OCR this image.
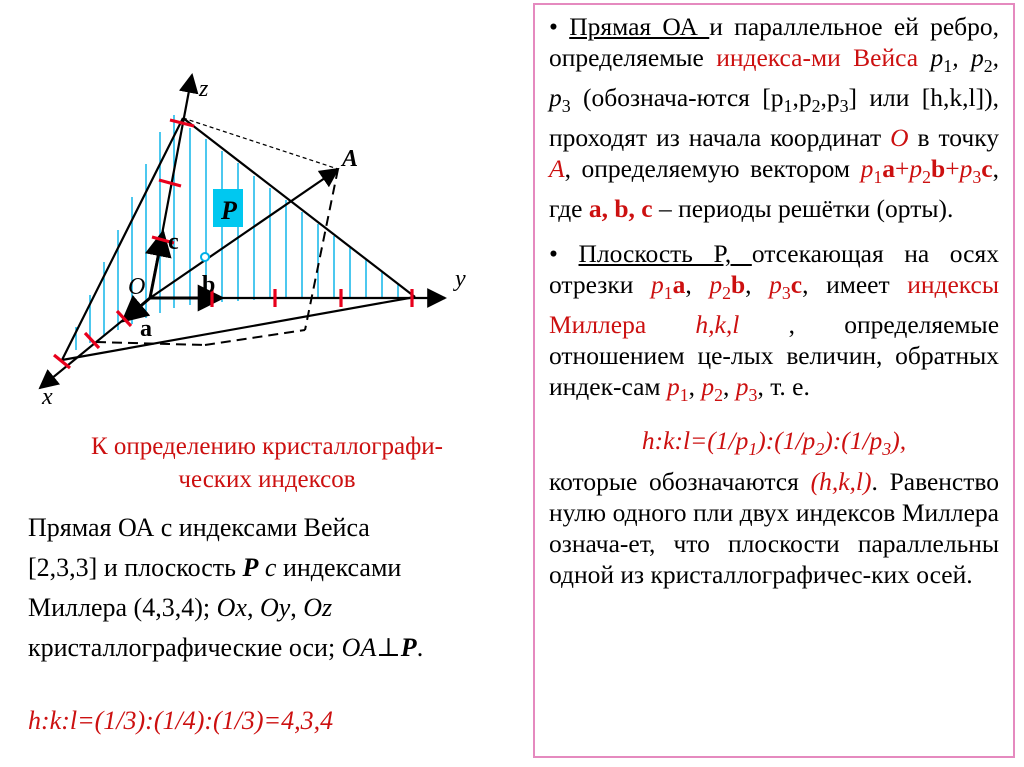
P
z
y
x
O
A
a
b
c
К определению кристаллографи-
ческих индексов
Прямая ОА с индексами Вейса
[2,3,3] и плоскость P с индексами
Миллера (4,3,4); Ox, Oy, Oz
кристаллографические оси; OA⊥P.
h:k:l=(1/3):(1/4):(1/3)=4,3,4

• Прямая ОА и параллельное ей ребро, определяемые индекса-ми Вейса $p_1$, $p_2$, $p_3$ (обознача-ются $[p_1,p_2,p_3]$ или [h,k,l]), проходят из начала координат O в точку A, определяемую вектором $p_1a+p_2b+p_3c$, где a, b, c – периоды решётки (орты).

• Плоскость P, отсекающая на осях отрезки $p_1a$, $p_2b$, $p_3c$, имеет индексы Миллера h,k,l , определяемые отношением це-лых величин, обратных индек-сам $p_1$, $p_2$, $p_3$, т. е.

$h:k:l=(1/p_1):(1/p_2):(1/p_3)$,

которые обозначаются (h,k,l). Равенство нулю одного пли двух индексов Миллера означа-ет, что плоскости параллельны одной из кристаллографичес-ких осей.
